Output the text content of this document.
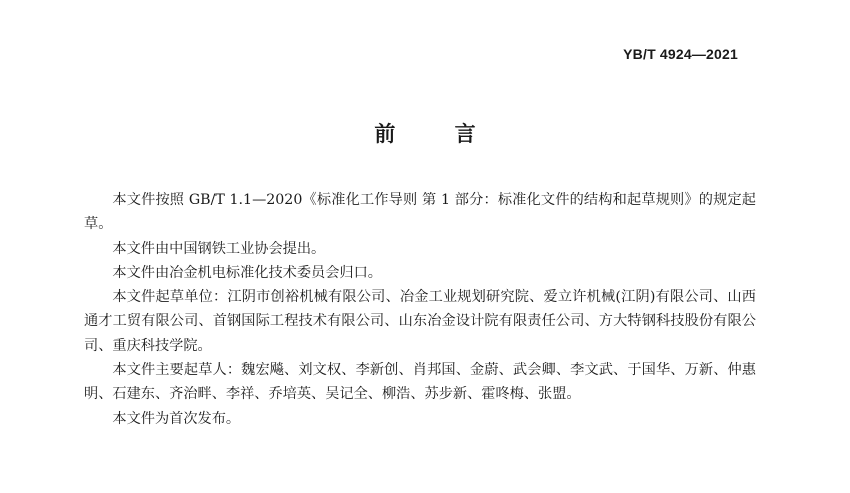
YB/T 4924—2021
前 言

本文件按照 GB/T 1.1—2020《标准化工作导则 第 1 部分：标准化文件的结构和起草规则》的规定起草。

本文件由中国钢铁工业协会提出。

本文件由冶金机电标准化技术委员会归口。

本文件起草单位：江阴市创裕机械有限公司、冶金工业规划研究院、爱立许机械(江阴)有限公司、山西通才工贸有限公司、首钢国际工程技术有限公司、山东冶金设计院有限责任公司、方大特钢科技股份有限公司、重庆科技学院。

本文件主要起草人：魏宏飚、刘文权、李新创、肖邦国、金蔚、武会卿、李文武、于国华、万新、仲惠明、石建东、齐治畔、李祥、乔培英、吴记全、柳浩、苏步新、霍咚梅、张盟。

本文件为首次发布。
